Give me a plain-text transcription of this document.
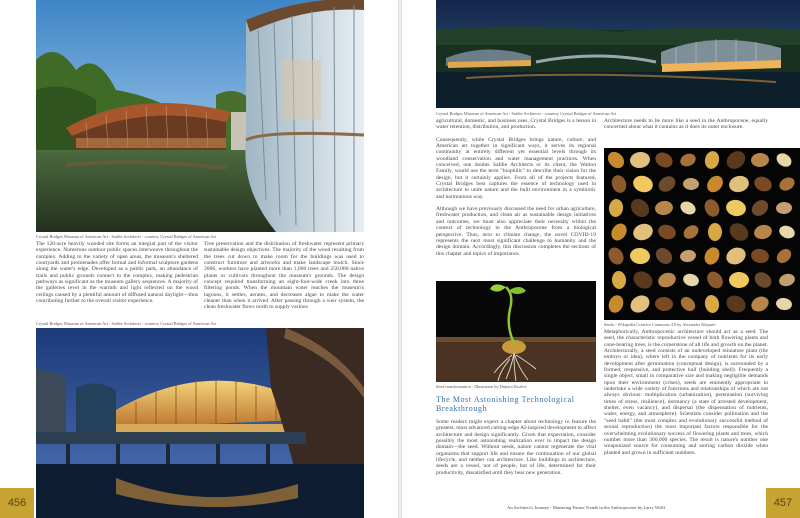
Crystal Bridges Museum of American Art - Safdie Architects - courtesy Crystal Bridges of American Art
The 120-acre heavily wooded site forms an integral part of the visitor experience. Numerous outdoor public spaces interweave throughout the complex. Adding to the variety of open areas, the museum's sheltered courtyards and promenades offer formal and informal sculpture gardens along the water's edge. Developed as a public park, an abundance of trails and public grounds connect to the complex, making pedestrian pathways as significant as the museum gallery sequences. A majority of the galleries revel in the warmth and light reflected on the wood ceilings caused by a plentiful amount of diffused natural daylight—thus contributing further to the overall visitor experience.
Tree preservation and the distribution of freshwater represent primary sustainable design objectives. The majority of the wood resulting from the trees cut down to make room for the buildings was used to construct furniture and artworks and make landscape mulch. Since 2006, workers have planted more than 1,600 trees and 250,000 native plants or cultivars throughout the museum's grounds. The design concept required transforming an eight-foot-wide creek into three filtering ponds. When the mountain water reaches the museum's lagoons, it settles, aerates, and decreases algae to make the water cleaner than when it arrived. After passing through a weir system, the clean freshwater flows north to supply various
Crystal Bridges Museum of American Art - Safdie Architects - courtesy Crystal Bridges of American Art
456
Crystal Bridges Museum of American Art - Safdie Architects - courtesy Crystal Bridges of American Art

agricultural, domestic, and business uses. Crystal Bridges is a lesson in water retention, distribution, and production.

Consequently, while Crystal Bridges brings nature, culture, and American art together in significant ways, it serves its regional community at entirely different yet essential levels through its woodland conservation and water management practices. When conceived, one doubts Safdie Architects or its client, the Walton Family, would use the term "biophilic" to describe their vision for the design, but it certainly applies. From all of the projects featured, Crystal Bridges best captures the essence of technology used in architecture to unite nature and the built environment in a symbiotic and harmonious way.

Although we have previously discussed the need for urban agriculture, freshwater production, and clean air as sustainable design initiatives and outcomes, we must also appreciate their necessity within the context of technology in the Anthropocene from a biological perspective. Thus, next to climate change, the novel COVID-19 represents the next most significant challenge to humanity and the design domain. Accordingly, this discussion completes the sections of this chapter and topics of importance.

Seed transformation - Illustration by Dmytro Kozlov
The Most Astonishing Technological Breakthrough

Some readers might expect a chapter about technology to feature the greatest, most advanced cutting-edge AI-inspired development to affect architecture and design significantly. Given that expectation, consider possibly the most astonishing realization ever to impact the design domain—the seed. Without seeds, nature cannot regenerate the vital organisms that support life and ensure the continuation of our global lifecycle, and neither can architecture. Like buildings in architecture, seeds are a vessel, not of people, but of life, determined for their productivity, dissatisfied until they bear new generation.

Architecture needs to be more like a seed in the Anthropocene, equally concerned about what it contains as it does its outer enclosure.

Seeds - Wikipedia Creative Commons 4.0 by Alexander Klepnev

Metaphorically, Anthropocenic architecture should act as a seed. The seed, the characteristic reproductive vessel of both flowering plants and cone-bearing trees, is the cornerstone of all life and growth on the planet. Architecturally, a seed consists of an undeveloped miniature plant (the embryo or idea), where left in the company of nutrients for its early development after germination (conceptual design), is surrounded by a formed, responsive, and protective hull (building shell). Frequently a single object, small in comparative size and making negligible demands upon their environment (crises), seeds are eminently appropriate to undertake a wide variety of functions and relationships of which are not always obvious: multiplication (urbanization), perennation (surviving times of stress, resilience), dormancy (a state of arrested development, shelter, even vacancy), and dispersal (the dispensation of nutrients, water, energy, and atmosphere). Scientists consider pollination and the "seed habit" (the most complex and evolutionary successful method of sexual reproduction) the most important factors responsible for the overwhelming evolutionary success of flowering plants and trees, which number more than 300,000 species. The result is nature's number one weaponized source for consuming and storing carbon dioxide when planted and grown in sufficient numbers.

An Architect's Journey - Mastering Future Trends in the Anthropocene by Larry Wolff	457
